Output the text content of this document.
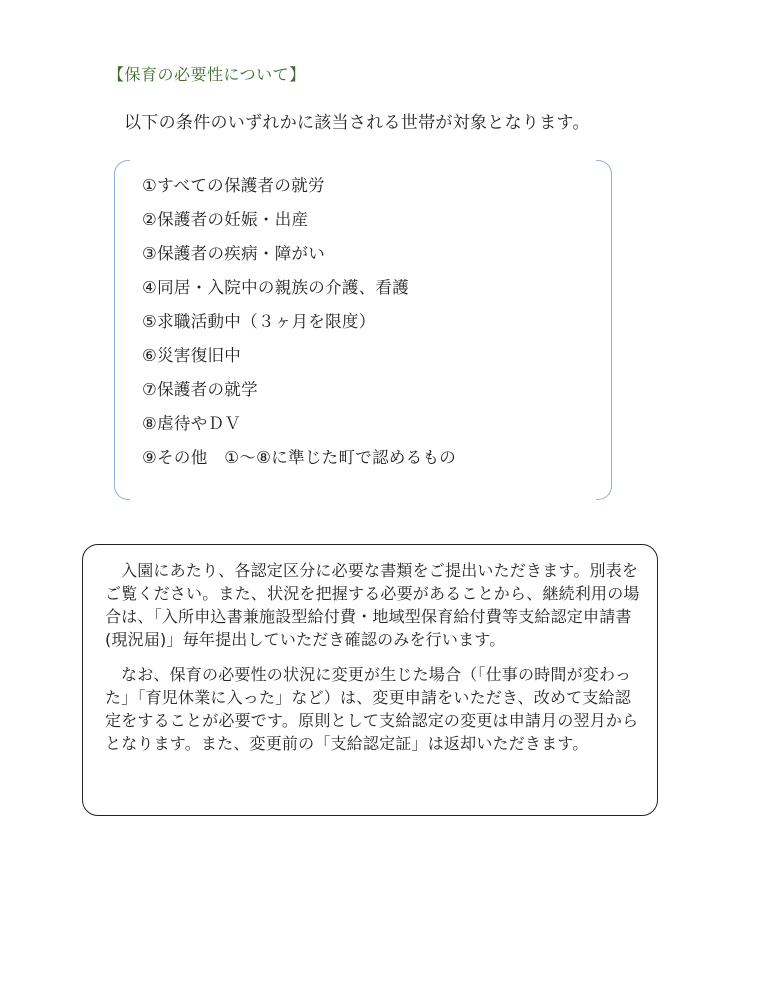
【保育の必要性について】
以下の条件のいずれかに該当される世帯が対象となります。
①すべての保護者の就労
②保護者の妊娠・出産
③保護者の疾病・障がい
④同居・入院中の親族の介護、看護
⑤求職活動中（３ヶ月を限度）
⑥災害復旧中
⑦保護者の就学
⑧虐待やＤＶ
⑨その他　①～⑧に準じた町で認めるもの

入園にあたり、各認定区分に必要な書類をご提出いただきます。別表をご覧ください。また、状況を把握する必要があることから、継続利用の場合は、「入所申込書兼施設型給付費・地域型保育給付費等支給認定申請書(現況届)」毎年提出していただき確認のみを行います。

なお、保育の必要性の状況に変更が生じた場合（「仕事の時間が変わった」「育児休業に入った」など）は、変更申請をいただき、改めて支給認定をすることが必要です。原則として支給認定の変更は申請月の翌月からとなります。また、変更前の「支給認定証」は返却いただきます。
